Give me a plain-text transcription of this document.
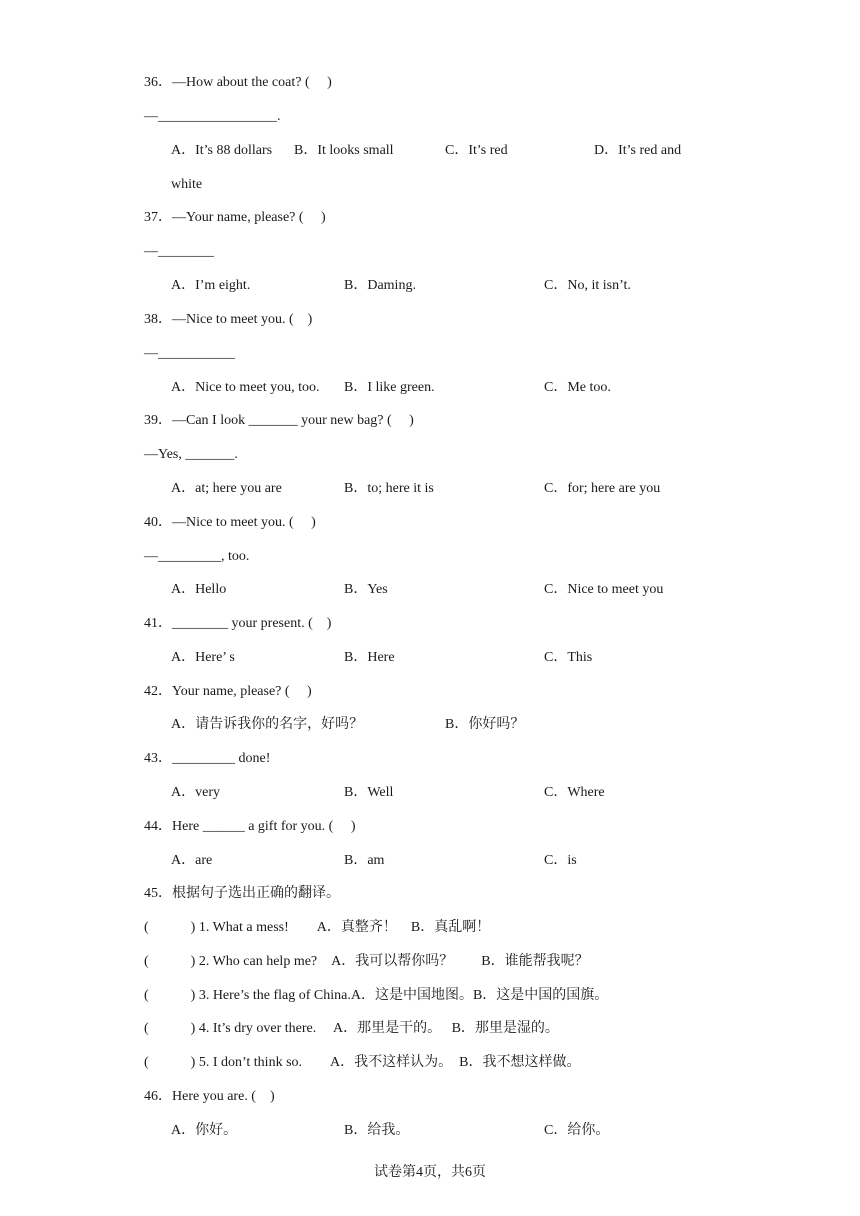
36．—How about the coat? (　 )
—_________________.
A．It’s 88 dollars B．It looks small	C．It’s red	D．It’s red and
white
37．—Your name, please? (　 )
—________
A．I’m eight.	B．Daming.	C．No, it isn’t.
38．—Nice to meet you. (　)
—___________
A．Nice to meet you, too. B．I like green.	C．Me too.
39．—Can I look _______ your new bag? (　 )
—Yes, _______.
A．at; here you are	B．to; here it is	C．for; here are you
40．—Nice to meet you. (　 )
—_________, too.
A．Hello	B．Yes	C．Nice to meet you
41．________ your present. (　)
A．Here’ s	B．Here	C．This
42．Your name, please? (　 )
A．请告诉我你的名字，好吗？	B．你好吗？
43．_________ done!
A．very	B．Well	C．Where
44．Here ______ a gift for you. (　 )
A．are	B．am	C．is
45．根据句子选出正确的翻译。
(　　　) 1. What a mess!　　A．真整齐！　B．真乱啊！
(　　　) 2. Who can help me?　A．我可以帮你吗？　　B．谁能帮我呢？
(　　　) 3. Here’s the flag of China.A．这是中国地图。B．这是中国的国旗。
(　　　) 4. It’s dry over there.　 A．那里是干的。　 B．那里是湿的。
(　　　) 5. I don’t think so.　　A．我不这样认为。　B．我不想这样做。
46．Here you are. (　)
A．你好。	B．给我。	C．给你。
试卷第4页，共6页
